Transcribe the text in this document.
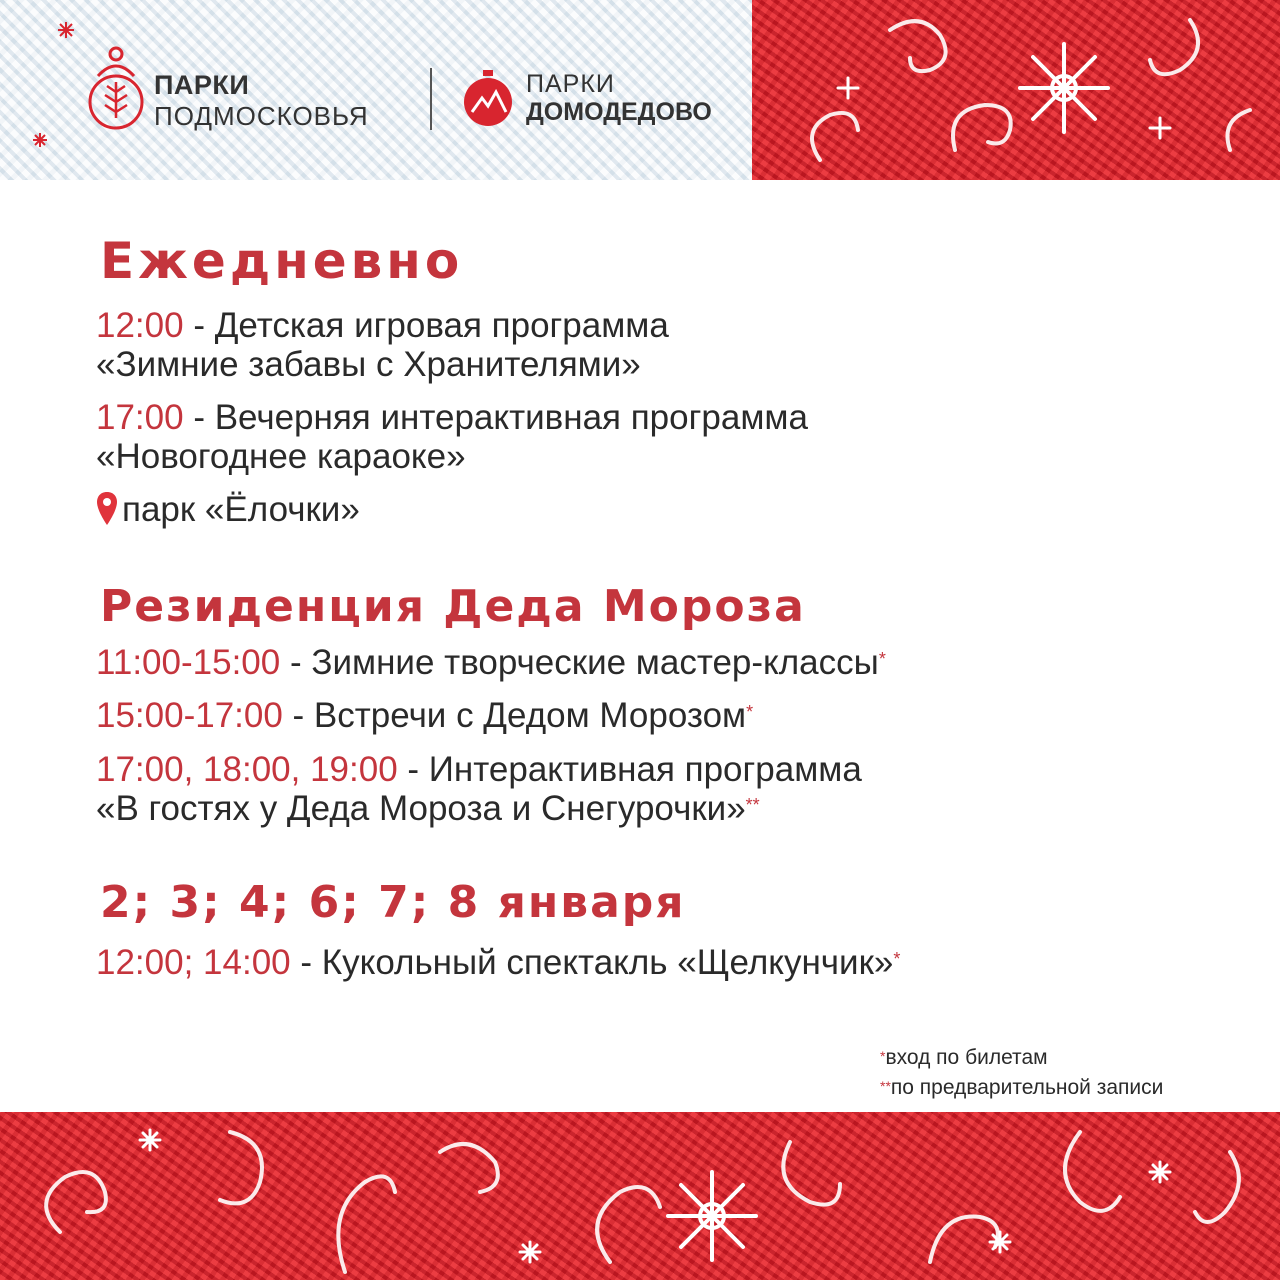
ПАРКИ
ПОДМОСКОВЬЯ
ПАРКИ
ДОМОДЕДОВО
Ежедневно
12:00 - Детская игровая программа
«Зимние забавы с Хранителями»
17:00 - Вечерняя интерактивная программа
«Новогоднее караоке»
парк «Ёлочки»
Резиденция Деда Мороза
11:00-15:00 - Зимние творческие мастер-классы*
15:00-17:00 - Встречи с Дедом Морозом*
17:00, 18:00, 19:00 - Интерактивная программа
«В гостях у Деда Мороза и Снегурочки»**
2; 3; 4; 6; 7; 8 января
12:00; 14:00 - Кукольный спектакль «Щелкунчик»*
*вход по билетам
**по предварительной записи
